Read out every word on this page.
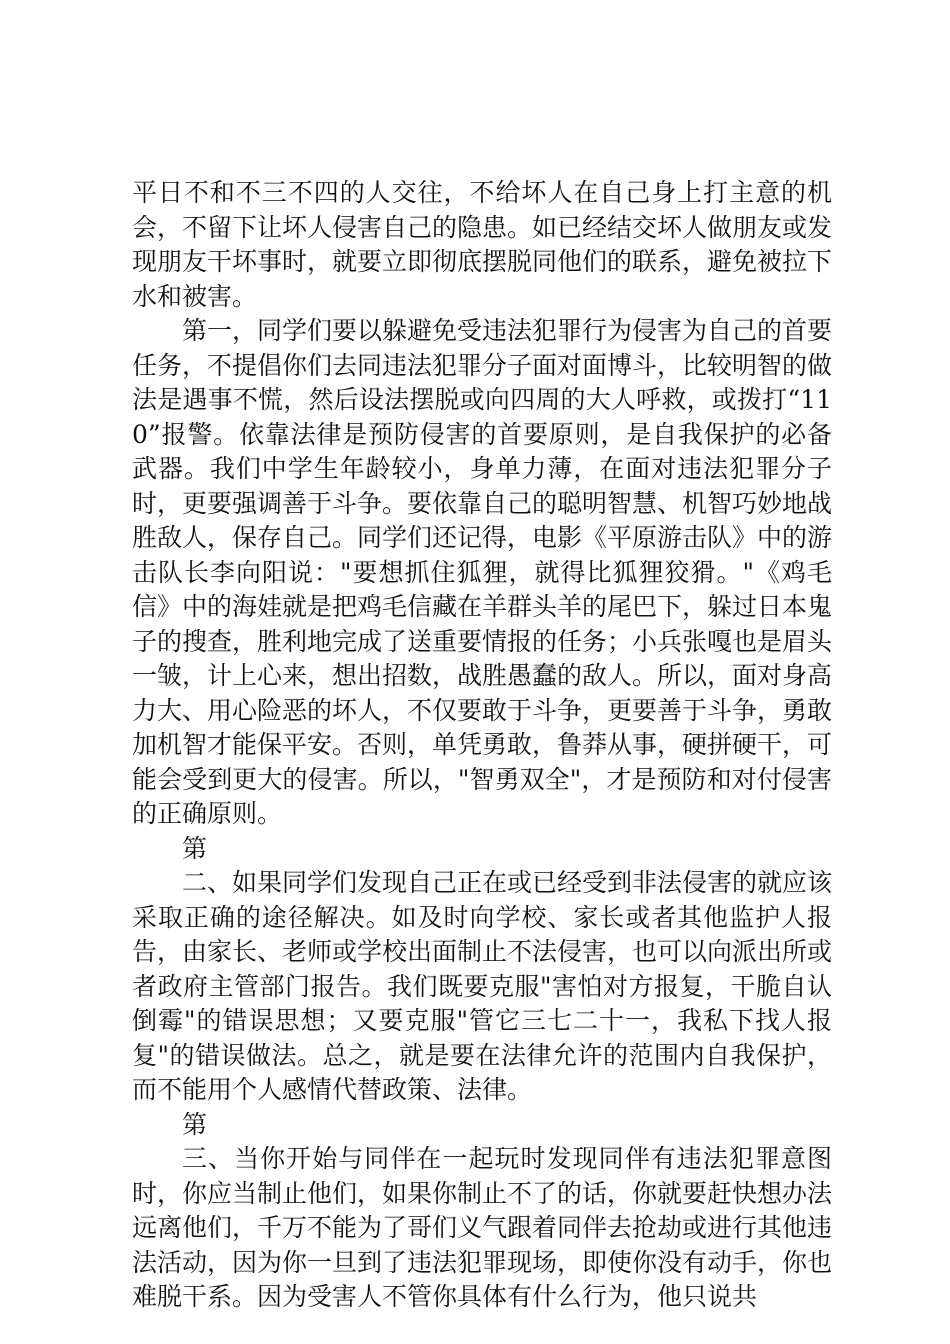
平日不和不三不四的人交往，不给坏人在自己身上打主意的机会，不留下让坏人侵害自己的隐患。如已经结交坏人做朋友或发现朋友干坏事时，就要立即彻底摆脱同他们的联系，避免被拉下水和被害。

第一，同学们要以躲避免受违法犯罪行为侵害为自己的首要任务，不提倡你们去同违法犯罪分子面对面博斗，比较明智的做法是遇事不慌，然后设法摆脱或向四周的大人呼救，或拨打“110”报警。依靠法律是预防侵害的首要原则，是自我保护的必备武器。我们中学生年龄较小，身单力薄，在面对违法犯罪分子时，更要强调善于斗争。要依靠自己的聪明智慧、机智巧妙地战胜敌人，保存自己。同学们还记得，电影《平原游击队》中的游击队长李向阳说："要想抓住狐狸，就得比狐狸狡猾。"《鸡毛信》中的海娃就是把鸡毛信藏在羊群头羊的尾巴下，躲过日本鬼子的搜查，胜利地完成了送重要情报的任务；小兵张嘎也是眉头一皱，计上心来，想出招数，战胜愚蠢的敌人。所以，面对身高力大、用心险恶的坏人，不仅要敢于斗争，更要善于斗争，勇敢加机智才能保平安。否则，单凭勇敢，鲁莽从事，硬拼硬干，可能会受到更大的侵害。所以，"智勇双全"，才是预防和对付侵害的正确原则。

第

二、如果同学们发现自己正在或已经受到非法侵害的就应该采取正确的途径解决。如及时向学校、家长或者其他监护人报告，由家长、老师或学校出面制止不法侵害，也可以向派出所或者政府主管部门报告。我们既要克服"害怕对方报复，干脆自认倒霉"的错误思想；又要克服"管它三七二十一，我私下找人报复"的错误做法。总之，就是要在法律允许的范围内自我保护，而不能用个人感情代替政策、法律。

第

三、当你开始与同伴在一起玩时发现同伴有违法犯罪意图时，你应当制止他们，如果你制止不了的话，你就要赶快想办法远离他们，千万不能为了哥们义气跟着同伴去抢劫或进行其他违法活动，因为你一旦到了违法犯罪现场，即使你没有动手，你也难脱干系。因为受害人不管你具体有什么行为，他只说共
